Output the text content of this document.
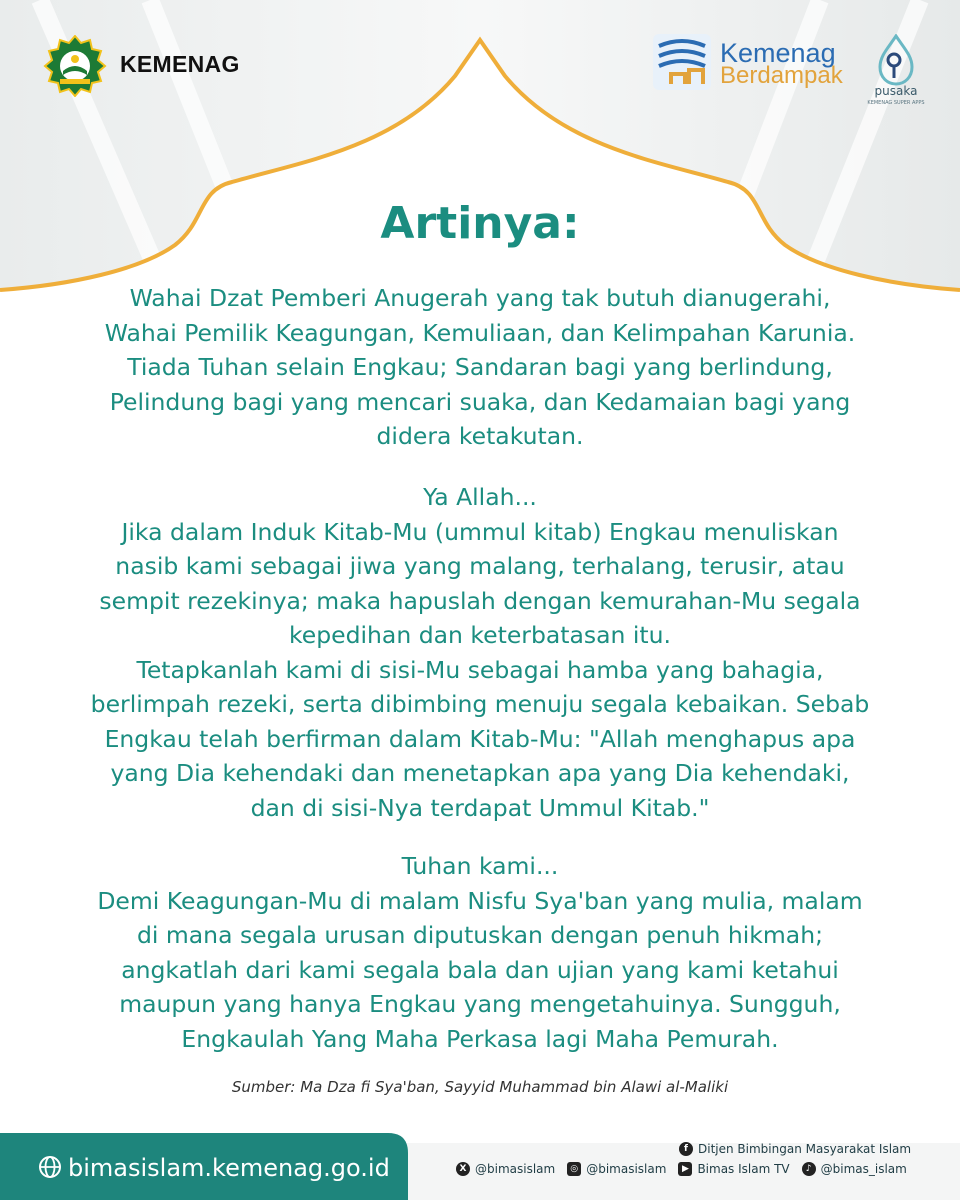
KEMENAG	Kemenag
Berdampak
pusaka
KEMENAG SUPER APPS
Artinya:
Wahai Dzat Pemberi Anugerah yang tak butuh dianugerahi,
Wahai Pemilik Keagungan, Kemuliaan, dan Kelimpahan Karunia.
Tiada Tuhan selain Engkau; Sandaran bagi yang berlindung,
Pelindung bagi yang mencari suaka, dan Kedamaian bagi yang
didera ketakutan.
Ya Allah...
Jika dalam Induk Kitab-Mu (ummul kitab) Engkau menuliskan
nasib kami sebagai jiwa yang malang, terhalang, terusir, atau
sempit rezekinya; maka hapuslah dengan kemurahan-Mu segala
kepedihan dan keterbatasan itu.
Tetapkanlah kami di sisi-Mu sebagai hamba yang bahagia,
berlimpah rezeki, serta dibimbing menuju segala kebaikan. Sebab
Engkau telah berfirman dalam Kitab-Mu: "Allah menghapus apa
yang Dia kehendaki dan menetapkan apa yang Dia kehendaki,
dan di sisi-Nya terdapat Ummul Kitab."
Tuhan kami...
Demi Keagungan-Mu di malam Nisfu Sya'ban yang mulia, malam
di mana segala urusan diputuskan dengan penuh hikmah;
angkatlah dari kami segala bala dan ujian yang kami ketahui
maupun yang hanya Engkau yang mengetahuinya. Sungguh,
Engkaulah Yang Maha Perkasa lagi Maha Pemurah.
Sumber: Ma Dza fi Sya'ban, Sayyid Muhammad bin Alawi al-Maliki
bimasislam.kemenag.go.id
f Ditjen Bimbingan Masyarakat Islam
X @bimasislam	◎ @bimasislam	▶ Bimas Islam TV	♪ @bimas_islam
